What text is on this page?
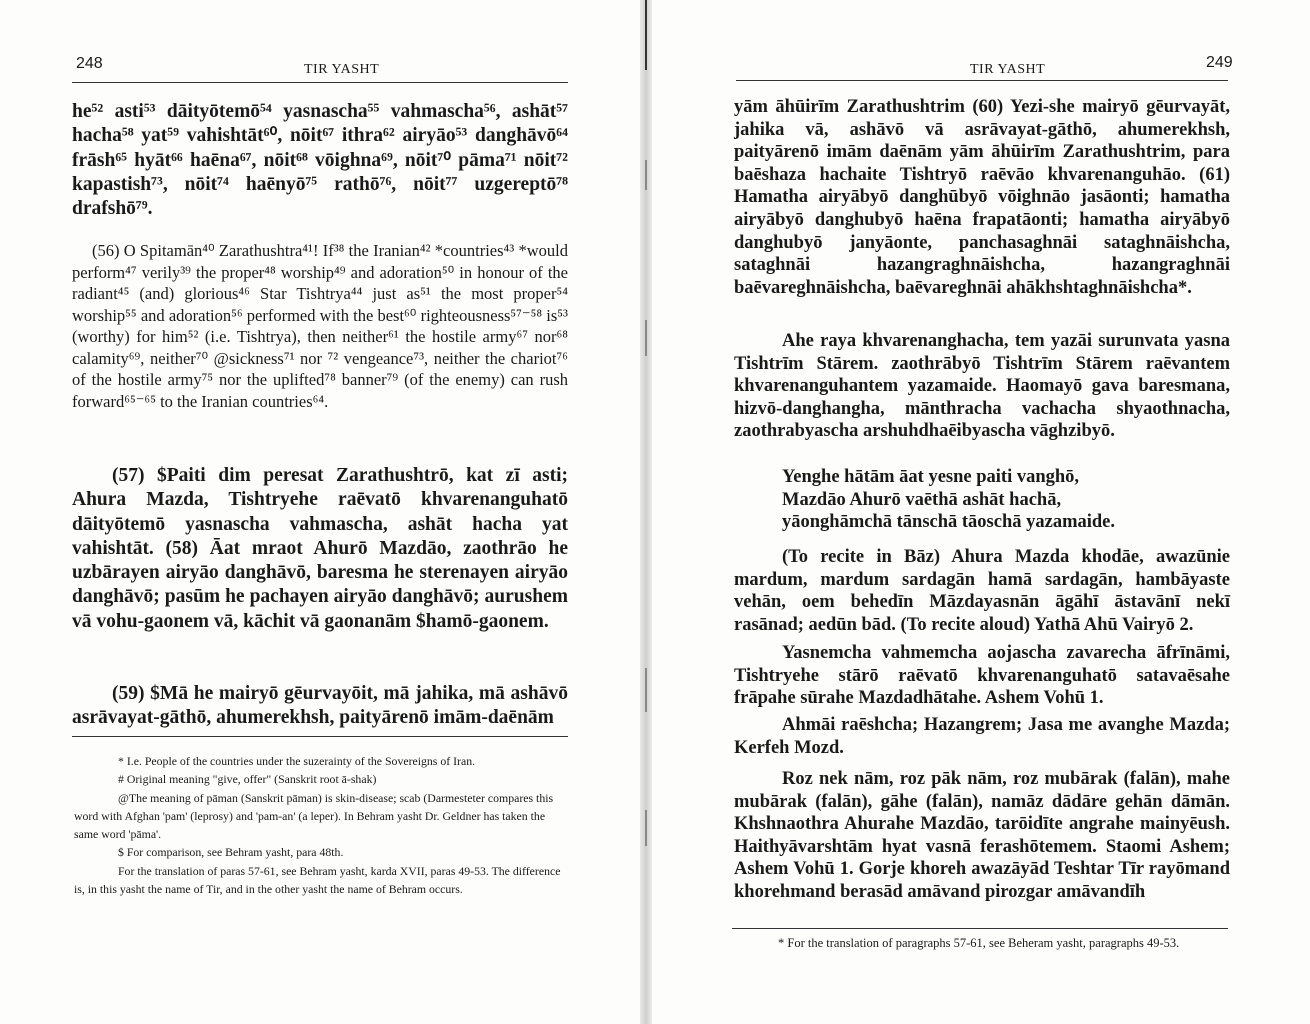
248	TIR YASHT

he⁵² asti⁵³ dāityōtemō⁵⁴ yasnascha⁵⁵ vahmascha⁵⁶, ashāt⁵⁷ hacha⁵⁸ yat⁵⁹ vahishtāt⁶⁰, nōit⁶⁷ ithra⁶² airyāo⁵³ danghāvō⁶⁴ frāsh⁶⁵ hyāt⁶⁶ haēna⁶⁷, nōit⁶⁸ vōighna⁶⁹, nōit⁷⁰ pāma⁷¹ nōit⁷² kapastish⁷³, nōit⁷⁴ haēnyō⁷⁵ rathō⁷⁶, nōit⁷⁷ uzgereptō⁷⁸ drafshō⁷⁹.

(56) O Spitamān⁴⁰ Zarathushtra⁴¹! If³⁸ the Iranian⁴² *countries⁴³ *would perform⁴⁷ verily³⁹ the proper⁴⁸ worship⁴⁹ and adoration⁵⁰ in honour of the radiant⁴⁵ (and) glorious⁴⁶ Star Tishtrya⁴⁴ just as⁵¹ the most proper⁵⁴ worship⁵⁵ and adoration⁵⁶ performed with the best⁶⁰ righteousness⁵⁷⁻⁵⁸ is⁵³ (worthy) for him⁵² (i.e. Tishtrya), then neither⁶¹ the hostile army⁶⁷ nor⁶⁸ calamity⁶⁹, neither⁷⁰ @sickness⁷¹ nor ⁷² vengeance⁷³, neither the chariot⁷⁶ of the hostile army⁷⁵ nor the uplifted⁷⁸ banner⁷⁹ (of the enemy) can rush forward⁶⁵⁻⁶⁵ to the Iranian countries⁶⁴.

(57) $Paiti dim peresat Zarathushtrō, kat zī asti; Ahura Mazda, Tishtryehe raēvatō khvarenanguhatō dāityōtemō yasnascha vahmascha, ashāt hacha yat vahishtāt. (58) Āat mraot Ahurō Mazdāo, zaothrāo he uzbārayen airyāo danghāvō, baresma he sterenayen airyāo danghāvō; pasūm he pachayen airyāo danghāvō; aurushem vā vohu-gaonem vā, kāchit vā gaonanām $hamō-gaonem.

(59) $Mā he mairyō gēurvayōit, mā jahika, mā ashāvō asrāvayat-gāthō, ahumerekhsh, paityārenō imām-daēnām

* I.e. People of the countries under the suzerainty of the Sovereigns of Iran.

# Original meaning "give, offer" (Sanskrit root ā-shak)

@The meaning of pāman (Sanskrit pāman) is skin-disease; scab (Darmesteter compares this word with Afghan 'pam' (leprosy) and 'pam-an' (a leper). In Behram yasht Dr. Geldner has taken the same word 'pāma'.

$ For comparison, see Behram yasht, para 48th.

For the translation of paras 57-61, see Behram yasht, karda XVII, paras 49-53. The difference is, in this yasht the name of Tir, and in the other yasht the name of Behram occurs.

TIR YASHT	249

yām āhūirīm Zarathushtrim (60) Yezi-she mairyō gēurvayāt, jahika vā, ashāvō vā asrāvayat-gāthō, ahumerekhsh, paityārenō imām daēnām yām āhūirīm Zarathushtrim, para baēshaza hachaite Tishtryō raēvāo khvarenanguhāo. (61) Hamatha airyābyō danghūbyō vōighnāo jasāonti; hamatha airyābyō danghubyō haēna frapatāonti; hamatha airyābyō danghubyō janyāonte, panchasaghnāi sataghnāishcha, sataghnāi hazangraghnāishcha, hazangraghnāi baēvareghnāishcha, baēvareghnāi ahākhshtaghnāishcha*.

Ahe raya khvarenanghacha, tem yazāi surunvata yasna Tishtrīm Stārem. zaothrābyō Tishtrīm Stārem raēvantem khvarenanguhantem yazamaide. Haomayō gava baresmana, hizvō-danghangha, mānthracha vachacha shyaothnacha, zaothrabyascha arshuhdhaēibyascha vāghzibyō.

Yenghe hātām āat yesne paiti vanghō,
Mazdāo Ahurō vaēthā ashāt hachā,
yāonghāmchā tānschā tāoschā yazamaide.

(To recite in Bāz) Ahura Mazda khodāe, awazūnie mardum, mardum sardagān hamā sardagān, hambāyaste vehān, oem behedīn Māzdayasnān āgāhī āstavānī nekī rasānad; aedūn bād. (To recite aloud) Yathā Ahū Vairyō 2.

Yasnemcha vahmemcha aojascha zavarecha āfrīnāmi, Tishtryehe stārō raēvatō khvarenanguhatō satavaēsahe frāpahe sūrahe Mazdadhātahe. Ashem Vohū 1.

Ahmāi raēshcha; Hazangrem; Jasa me avanghe Mazda; Kerfeh Mozd.

Roz nek nām, roz pāk nām, roz mubārak (falān), mahe mubārak (falān), gāhe (falān), namāz dādāre gehān dāmān. Khshnaothra Ahurahe Mazdāo, tarōidīte angrahe mainyēush. Haithyāvarshtām hyat vasnā ferashōtemem. Staomi Ashem; Ashem Vohū 1. Gorje khoreh awazāyād Teshtar Tīr rayōmand khorehmand berasād amāvand pirozgar amāvandīh

* For the translation of paragraphs 57-61, see Beheram yasht, paragraphs 49-53.
